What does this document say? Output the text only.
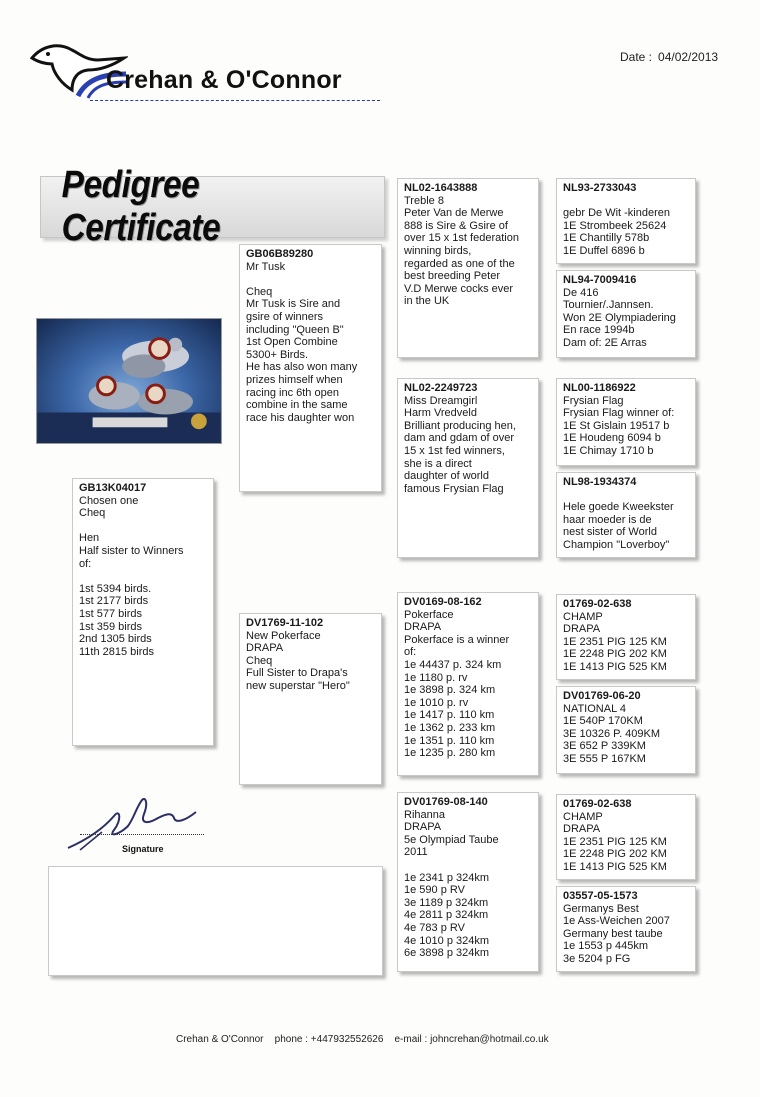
Crehan & O'Connor
Date : 04/02/2013
Pedigree Certificate
GB13K04017
Chosen one
Cheq
Hen
Half sister to Winners
of:
1st 5394 birds.
1st 2177 birds
1st 577 birds
1st 359 birds
2nd 1305 birds
11th 2815 birds
GB06B89280
Mr Tusk
Cheq
Mr Tusk is Sire and
gsire of winners
including "Queen B"
1st Open Combine
5300+ Birds.
He has also won many
prizes himself when
racing inc 6th open
combine in the same
race his daughter won
DV1769-11-102
New Pokerface
DRAPA
Cheq
Full Sister to Drapa's
new superstar "Hero"
NL02-1643888
Treble 8
Peter Van de Merwe
888 is Sire & Gsire of
over 15 x 1st federation
winning birds,
regarded as one of the
best breeding Peter
V.D Merwe cocks ever
in the UK
NL02-2249723
Miss Dreamgirl
Harm Vredveld
Brilliant producing hen,
dam and gdam of over
15 x 1st fed winners,
she is a direct
daughter of world
famous Frysian Flag
DV0169-08-162
Pokerface
DRAPA
Pokerface is a winner
of:
1e 44437 p. 324 km
1e 1180 p. rv
1e 3898 p. 324 km
1e 1010 p. rv
1e 1417 p. 110 km
1e 1362 p. 233 km
1e 1351 p. 110 km
1e 1235 p. 280 km
DV01769-08-140
Rihanna
DRAPA
5e Olympiad Taube
2011
1e 2341 p 324km
1e 590 p RV
3e 1189 p 324km
4e 2811 p 324km
4e 783 p RV
4e 1010 p 324km
6e 3898 p 324km
NL93-2733043
gebr De Wit -kinderen
1E Strombeek 25624
1E Chantilly 578b
1E Duffel 6896 b
NL94-7009416
De 416
Tournier/.Jannsen.
Won 2E Olympiadering
En race 1994b
Dam of: 2E Arras
NL00-1186922
Frysian Flag
Frysian Flag winner of:
1E St Gislain 19517 b
1E Houdeng 6094 b
1E Chimay 1710 b
NL98-1934374
Hele goede Kweekster
haar moeder is de
nest sister of World
Champion "Loverboy"
01769-02-638
CHAMP
DRAPA
1E 2351 PIG 125 KM
1E 2248 PIG 202 KM
1E 1413 PIG 525 KM
DV01769-06-20
NATIONAL 4
1E 540P 170KM
3E 10326 P. 409KM
3E 652 P 339KM
3E 555 P 167KM
01769-02-638
CHAMP
DRAPA
1E 2351 PIG 125 KM
1E 2248 PIG 202 KM
1E 1413 PIG 525 KM
03557-05-1573
Germanys Best
1e Ass-Weichen 2007
Germany best taube
1e 1553 p 445km
3e 5204 p FG
Signature
Crehan & O'Connor phone : +447932552626 e-mail : johncrehan@hotmail.co.uk
